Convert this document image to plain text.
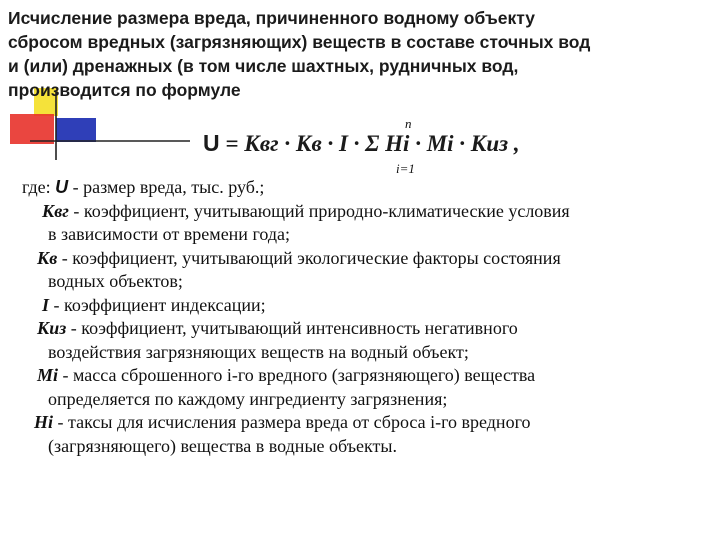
Исчисление размера вреда, причиненного водному объекту
сбросом вредных (загрязняющих) веществ в составе сточных вод
и (или) дренажных (в том числе шахтных, рудничных вод,
производится по формуле
n
U = Квг · Кв · I · Σ Hi · Mi · Киз ,
i=1
где: U - размер вреда, тыс. руб.;
Квг - коэффициент, учитывающий природно-климатические условия
в зависимости от времени года;
Кв - коэффициент, учитывающий экологические факторы состояния
водных объектов;
I - коэффициент индексации;
Киз - коэффициент, учитывающий интенсивность негативного
воздействия загрязняющих веществ на водный объект;
Mi - масса сброшенного i-го вредного (загрязняющего) вещества
определяется по каждому ингредиенту загрязнения;
Hi - таксы для исчисления размера вреда от сброса i-го вредного
(загрязняющего) вещества в водные объекты.
